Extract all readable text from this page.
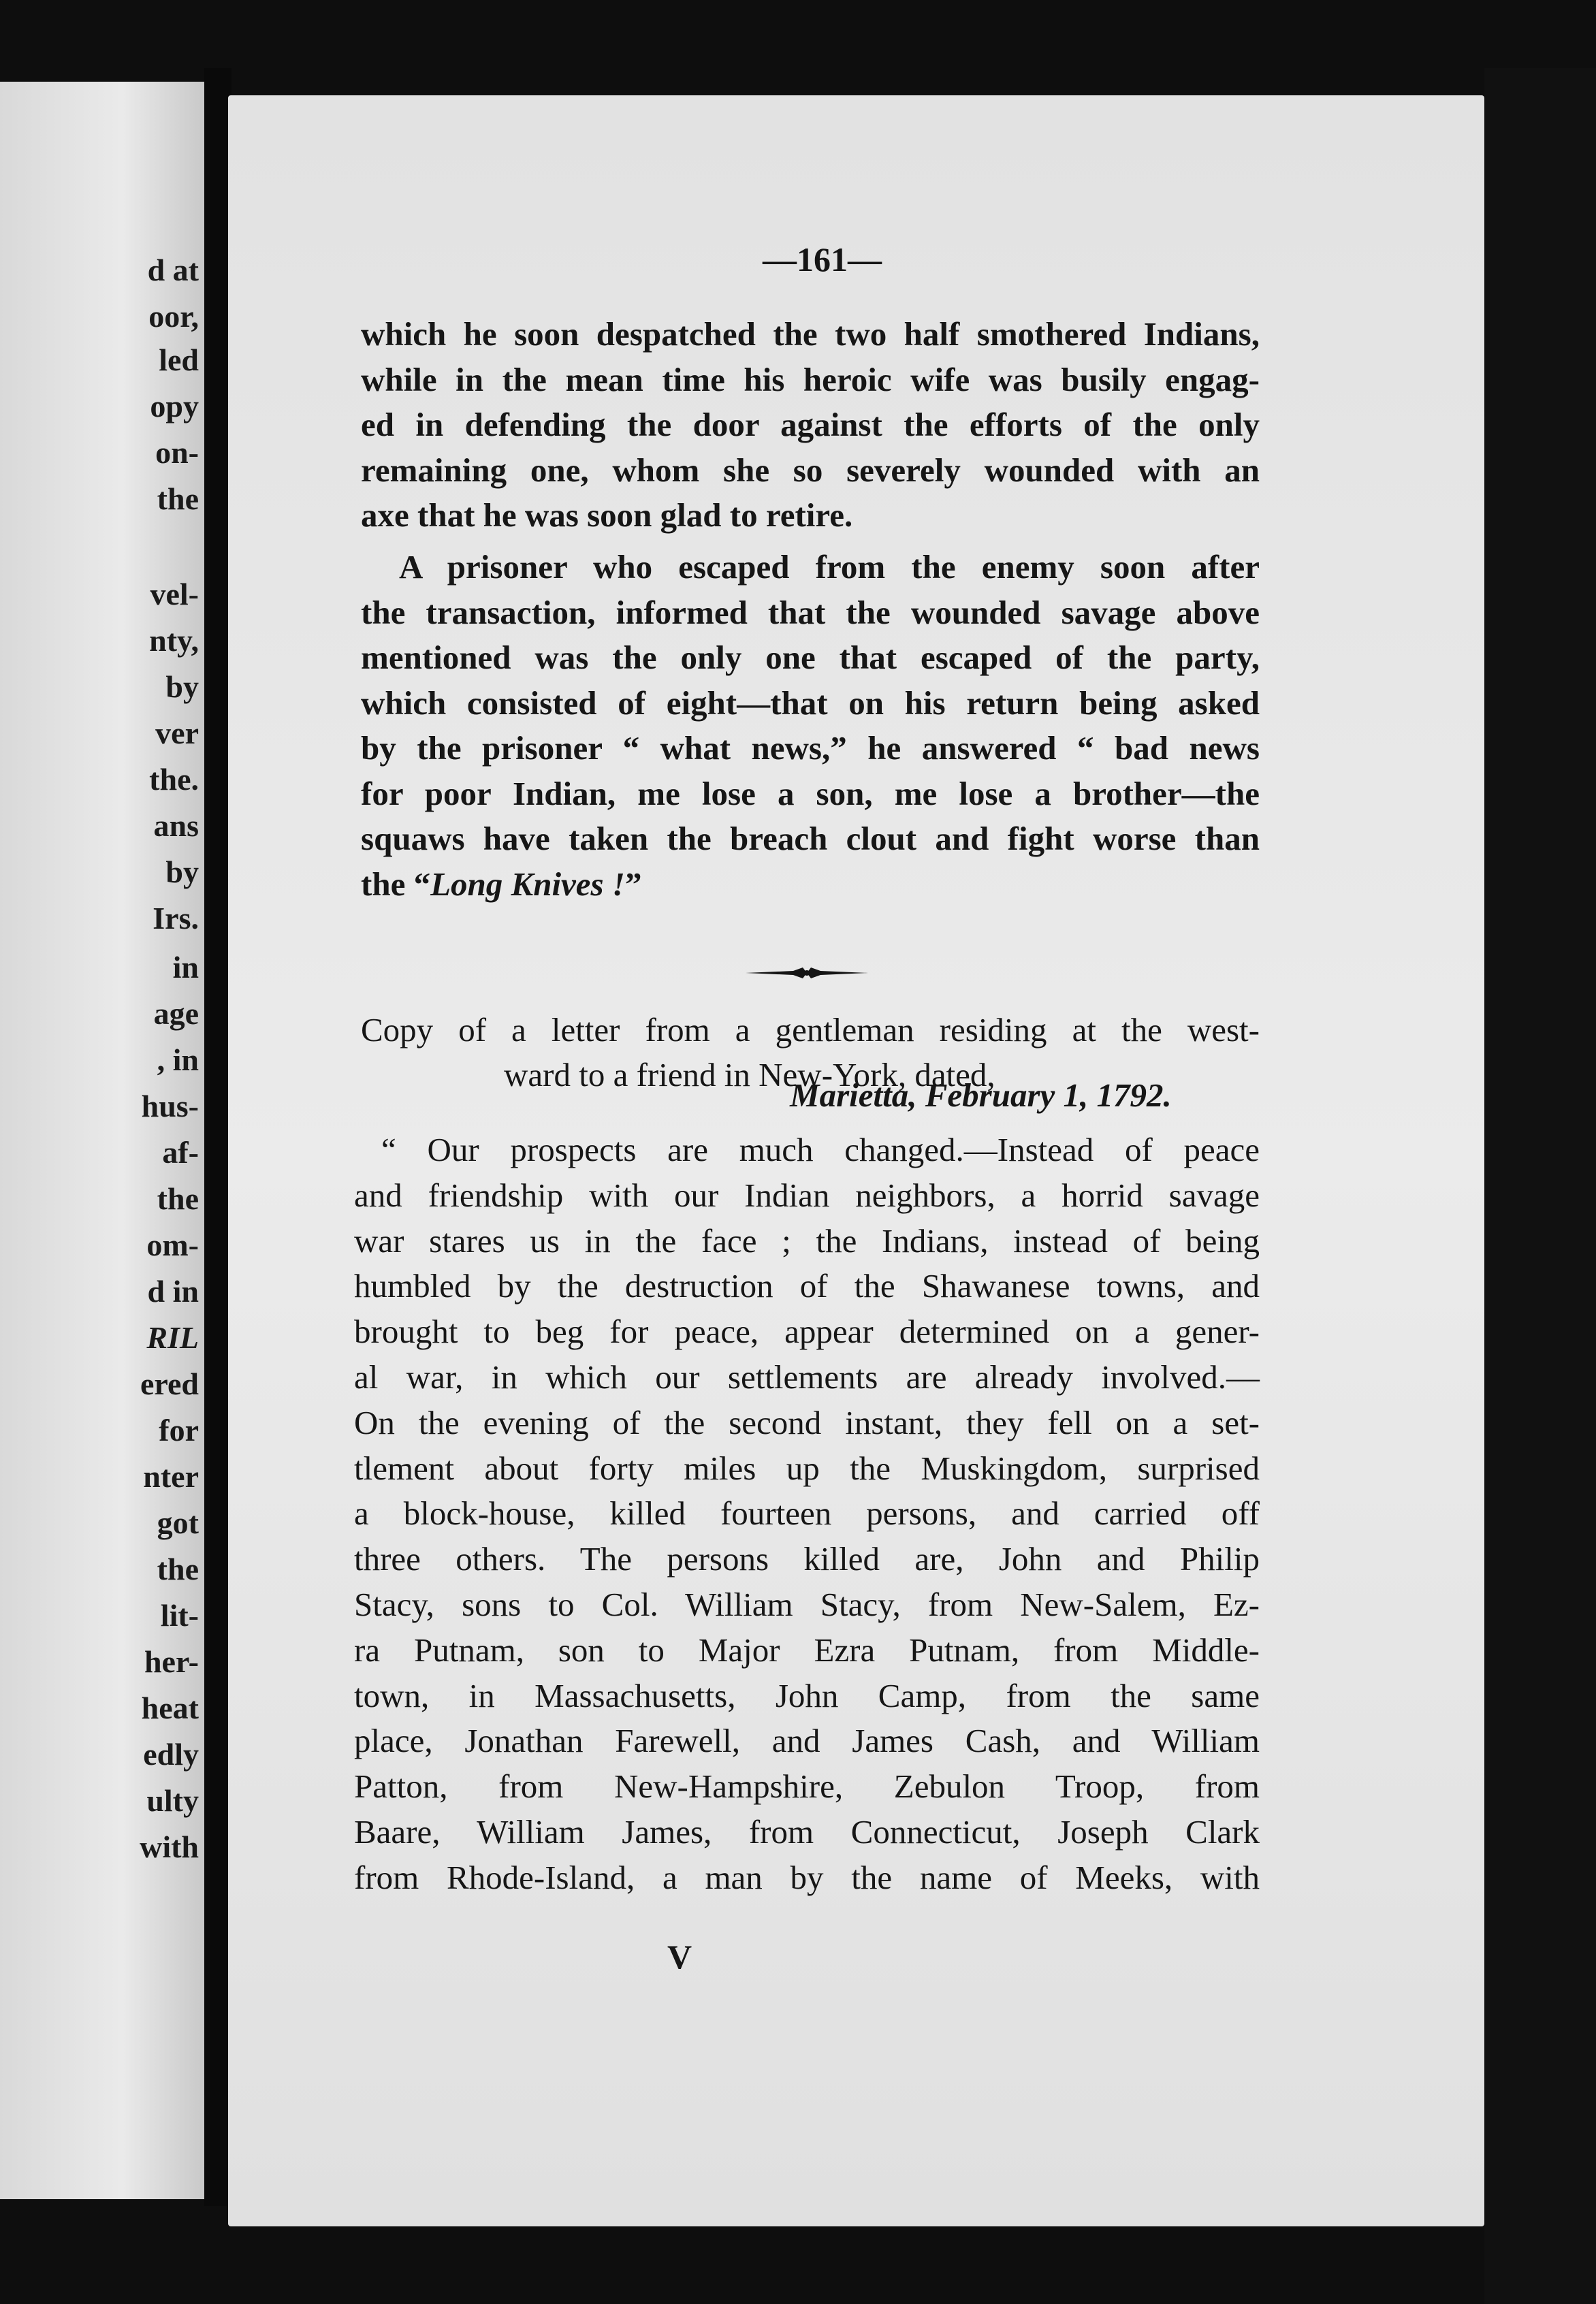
d at
oor,
led
opy
on-
the
vel-
nty,
by
ver
the.
ans
by
Irs.
in
age
, in
hus-
af-
the
om-
d in
RIL
ered
for
nter
got
the
lit-
her-
heat
edly
ulty
with
—161—
which he soon despatched the two half smothered Indians,
while in the mean time his heroic wife was busily engag-
ed in defending the door against the efforts of the only
remaining one, whom she so severely wounded with an
axe that he was soon glad to retire.
A prisoner who escaped from the enemy soon after
the transaction, informed that the wounded savage above
mentioned was the only one that escaped of the party,
which consisted of eight—that on his return being asked
by the prisoner “ what news,” he answered “ bad news
for poor Indian, me lose a son, me lose a brother—the
squaws have taken the breach clout and fight worse than
the “Long Knives !”
Copy of a letter from a gentleman residing at the west-
ward to a friend in New-York, dated,
Marietta, February 1, 1792.
“ Our prospects are much changed.—Instead of peace
and friendship with our Indian neighbors, a horrid savage
war stares us in the face ; the Indians, instead of being
humbled by the destruction of the Shawanese towns, and
brought to beg for peace, appear determined on a gener-
al war, in which our settlements are already involved.—
On the evening of the second instant, they fell on a set-
tlement about forty miles up the Muskingdom, surprised
a block-house, killed fourteen persons, and carried off
three others. The persons killed are, John and Philip
Stacy, sons to Col. William Stacy, from New-Salem, Ez-
ra Putnam, son to Major Ezra Putnam, from Middle-
town, in Massachusetts, John Camp, from the same
place, Jonathan Farewell, and James Cash, and William
Patton, from New-Hampshire, Zebulon Troop, from
Baare, William James, from Connecticut, Joseph Clark
from Rhode-Island, a man by the name of Meeks, with
V
